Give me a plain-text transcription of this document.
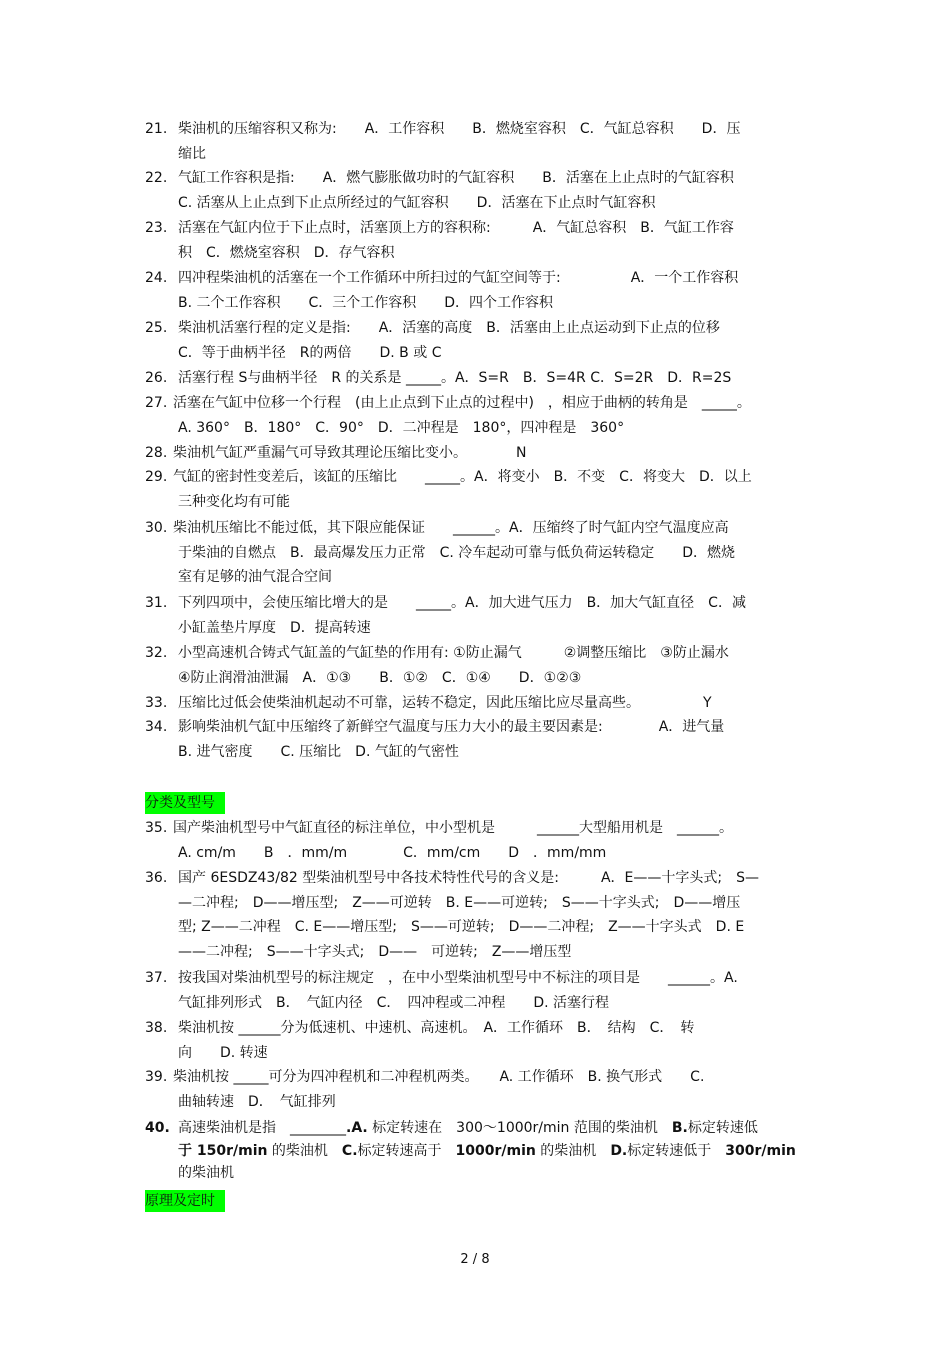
21. 柴油机的压缩容积又称为:　　A．工作容积　　B．燃烧室容积　C．气缸总容积　　D．压
缩比
22. 气缸工作容积是指:　　A．燃气膨胀做功时的气缸容积　　B．活塞在上止点时的气缸容积
C. 活塞从上止点到下止点所经过的气缸容积　　D．活塞在下止点时气缸容积
23. 活塞在气缸内位于下止点时，活塞顶上方的容积称:　　　A．气缸总容积　B．气缸工作容
积　C．燃烧室容积　D．存气容积
24. 四冲程柴油机的活塞在一个工作循环中所扫过的气缸空间等于:　　　　　A．一个工作容积
B. 二个工作容积　　C．三个工作容积　　D．四个工作容积
25. 柴油机活塞行程的定义是指:　　A．活塞的高度　B．活塞由上止点运动到下止点的位移
C．等于曲柄半径　R的两倍　　D. B 或 C
26. 活塞行程 S与曲柄半径　R 的关系是 _____。A．S=R　B．S=4R C．S=2R　D．R=2S
27. 活塞在气缸中位移一个行程　(由上止点到下止点的过程中)　，相应于曲柄的转角是　_____。
A. 360°　B．180°　C．90°　D．二冲程是　180°，四冲程是　360°
28. 柴油机气缸严重漏气可导致其理论压缩比变小。　　　　N
29. 气缸的密封性变差后，该缸的压缩比　　_____。A．将变小　B．不变　C．将变大　D．以上
三种变化均有可能
30. 柴油机压缩比不能过低，其下限应能保证　　______。A．压缩终了时气缸内空气温度应高
于柴油的自燃点　B．最高爆发压力正常　C. 冷车起动可靠与低负荷运转稳定　　D．燃烧
室有足够的油气混合空间
31. 下列四项中，会使压缩比增大的是　　_____。A．加大进气压力　B．加大气缸直径　C．减
小缸盖垫片厚度　D．提高转速
32. 小型高速机合铸式气缸盖的气缸垫的作用有: ①防止漏气　　　②调整压缩比　③防止漏水
④防止润滑油泄漏　A．①③　　B．①②　C．①④　　D．①②③
33. 压缩比过低会使柴油机起动不可靠，运转不稳定，因此压缩比应尽量高些。　　　　　Y
34. 影响柴油机气缸中压缩终了新鲜空气温度与压力大小的最主要因素是:　　　　A．进气量
B. 进气密度　　C. 压缩比　D. 气缸的气密性
分类及型号
35. 国产柴油机型号中气缸直径的标注单位，中小型机是　　　______大型船用机是　______。
A. cm/m　　B　．mm/m　　　　C．mm/cm　　D　．mm/mm
36. 国产 6ESDZ43/82 型柴油机型号中各技术特性代号的含义是:　　　A．E——十字头式;　S—
—二冲程;　D——增压型;　Z——可逆转　B. E——可逆转;　S——十字头式;　D——增压
型; Z——二冲程　C. E——增压型;　S——可逆转;　D——二冲程;　Z——十字头式　D. E
——二冲程;　S——十字头式;　D——　可逆转;　Z——增压型
37. 按我国对柴油机型号的标注规定　，在中小型柴油机型号中不标注的项目是　　______。A.
气缸排列形式　B．　气缸内径　C．　四冲程或二冲程　　D. 活塞行程
38. 柴油机按 ______分为低速机、中速机、高速机。　A．工作循环　B．　结构　C．　转
向　　D. 转速
39. 柴油机按 _____可分为四冲程机和二冲程机两类。　　A. 工作循环　B. 换气形式　　C.
曲轴转速　D．　气缸排列
40. 高速柴油机是指　________.A. 标定转速在　300～1000r/min 范围的柴油机　B.标定转速低
于 150r/min 的柴油机　C.标定转速高于　1000r/min 的柴油机　D.标定转速低于　300r/min
的柴油机
原理及定时
2 / 8
